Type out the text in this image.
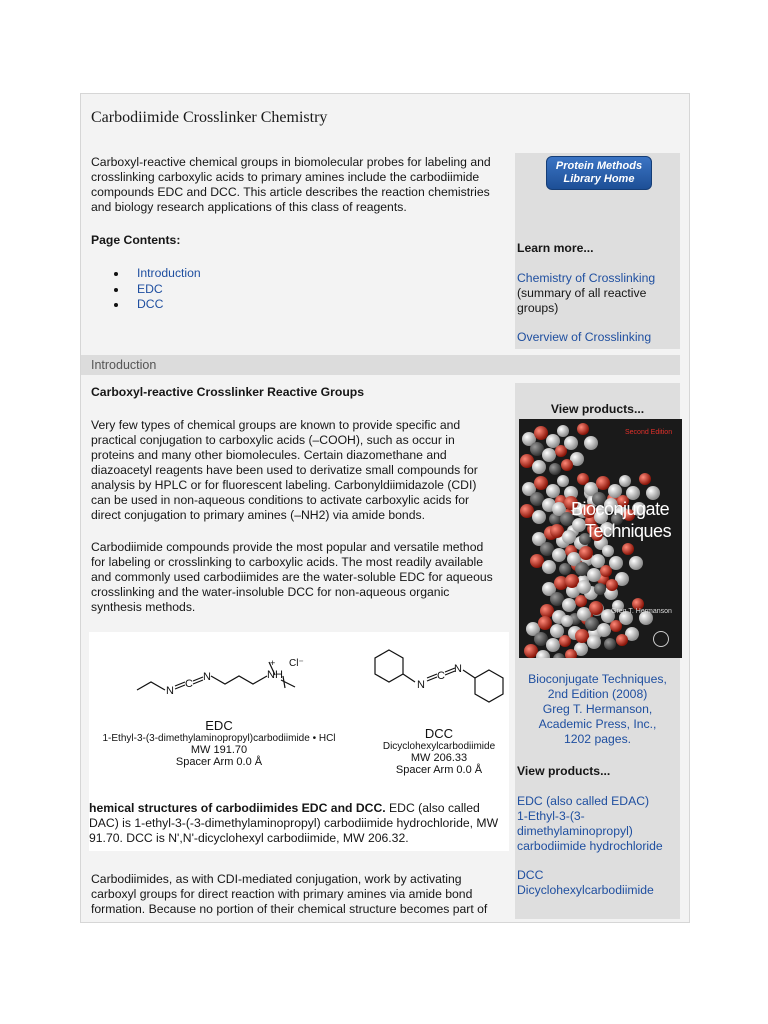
Carbodiimide Crosslinker Chemistry
Carboxyl-reactive chemical groups in biomolecular probes for labeling and
crosslinking carboxylic acids to primary amines include the carbodiimide
compounds EDC and DCC. This article describes the reaction chemistries
and biology research applications of this class of reagents.
Page Contents:
Introduction
EDC
DCC
Protein Methods
Library Home
Learn more...
Chemistry of Crosslinking
(summary of all reactive
groups)
Overview of Crosslinking
Introduction
Carboxyl-reactive Crosslinker Reactive Groups
Very few types of chemical groups are known to provide specific and
practical conjugation to carboxylic acids (–COOH), such as occur in
proteins and many other biomolecules. Certain diazomethane and
diazoacetyl reagents have been used to derivatize small compounds for
analysis by HPLC or for fluorescent labeling. Carbonyldiimidazole (CDI)
can be used in non-aqueous conditions to activate carboxylic acids for
direct conjugation to primary amines (–NH2) via amide bonds.
Carbodiimide compounds provide the most popular and versatile method
for labeling or crosslinking to carboxylic acids. The most readily available
and commonly used carbodiimides are the water-soluble EDC for aqueous
crosslinking and the water-insoluble DCC for non-aqueous organic
synthesis methods.
N
C
N
+
NH
Cl⁻
N
C
N
EDC
1-Ethyl-3-(3-dimethylaminopropyl)carbodiimide • HCl
MW 191.70
Spacer Arm 0.0 Å
DCC
Dicyclohexylcarbodiimide
MW 206.33
Spacer Arm 0.0 Å
hemical structures of carbodiimides EDC and DCC. EDC (also called
DAC) is 1-ethyl-3-(-3-dimethylaminopropyl) carbodiimide hydrochloride, MW
91.70. DCC is N',N'-dicyclohexyl carbodiimide, MW 206.32.
Carbodiimides, as with CDI-mediated conjugation, work by activating
carboxyl groups for direct reaction with primary amines via amide bond
formation. Because no portion of their chemical structure becomes part of
View products...
Second Edition
Bioconjugate
Techniques
Greg T. Hermanson
Bioconjugate Techniques,
2nd Edition (2008)
Greg T. Hermanson,
Academic Press, Inc.,
1202 pages.
View products...
EDC (also called EDAC)
1-Ethyl-3-(3-
dimethylaminopropyl)
carbodiimide hydrochloride
DCC
Dicyclohexylcarbodiimide
